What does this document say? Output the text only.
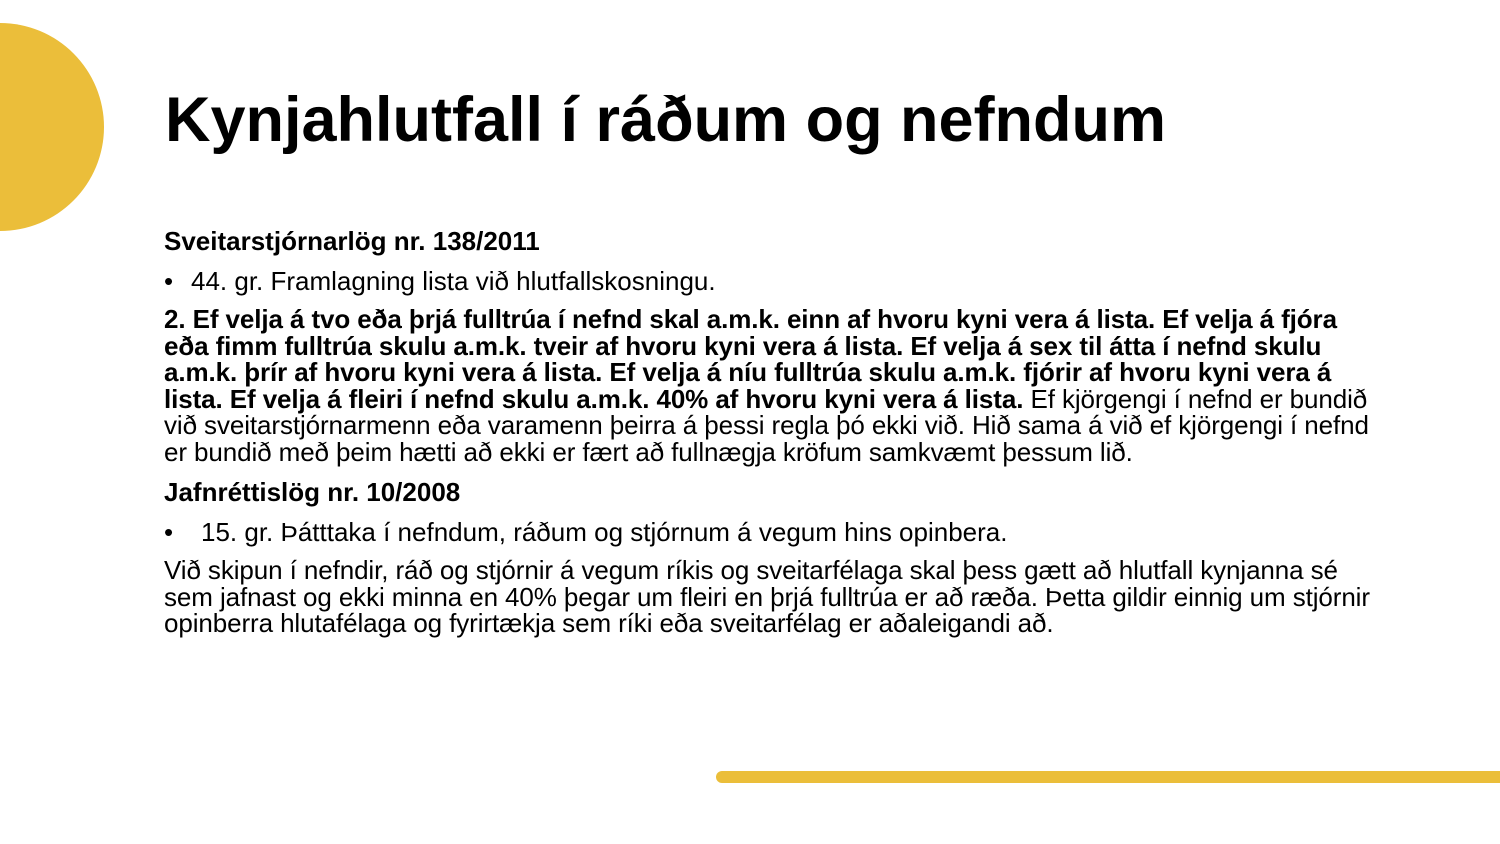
Kynjahlutfall í ráðum og nefndum

Sveitarstjórnarlög nr. 138/2011

• 44. gr. Framlagning lista við hlutfallskosningu.

2. Ef velja á tvo eða þrjá fulltrúa í nefnd skal a.m.k. einn af hvoru kyni vera á lista. Ef velja á fjóra eða fimm fulltrúa skulu a.m.k. tveir af hvoru kyni vera á lista. Ef velja á sex til átta í nefnd skulu a.m.k. þrír af hvoru kyni vera á lista. Ef velja á níu fulltrúa skulu a.m.k. fjórir af hvoru kyni vera á lista. Ef velja á fleiri í nefnd skulu a.m.k. 40% af hvoru kyni vera á lista. Ef kjörgengi í nefnd er bundið við sveitarstjórnarmenn eða varamenn þeirra á þessi regla þó ekki við. Hið sama á við ef kjörgengi í nefnd er bundið með þeim hætti að ekki er fært að fullnægja kröfum samkvæmt þessum lið.

Jafnréttislög nr. 10/2008

•	15. gr. Þátttaka í nefndum, ráðum og stjórnum á vegum hins opinbera.

Við skipun í nefndir, ráð og stjórnir á vegum ríkis og sveitarfélaga skal þess gætt að hlutfall kynjanna sé sem jafnast og ekki minna en 40% þegar um fleiri en þrjá fulltrúa er að ræða. Þetta gildir einnig um stjórnir opinberra hlutafélaga og fyrirtækja sem ríki eða sveitarfélag er aðaleigandi að.
